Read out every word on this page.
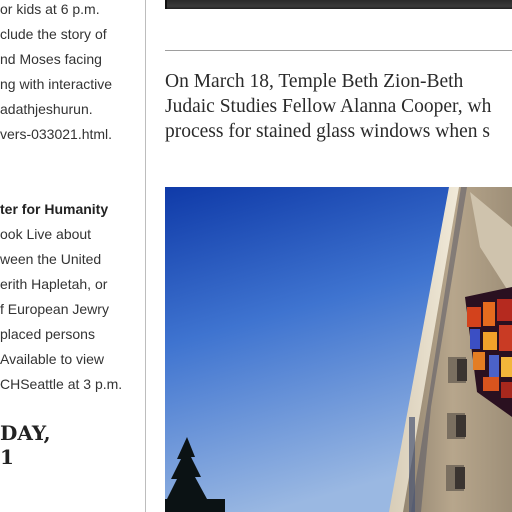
or kids at 6 p.m.
clude the story of
nd Moses facing
ng with interactive
adathjeshurun.
vers-033021.html.
ter for Humanity
ook Live about
ween the United
erith Hapletah, or
f European Jewry
placed persons
Available to view
CHSeattle at 3 p.m.
DAY,
1
On March 18, Temple Beth Zion-Beth
Judaic Studies Fellow Alanna Cooper, wh
process for stained glass windows when s
